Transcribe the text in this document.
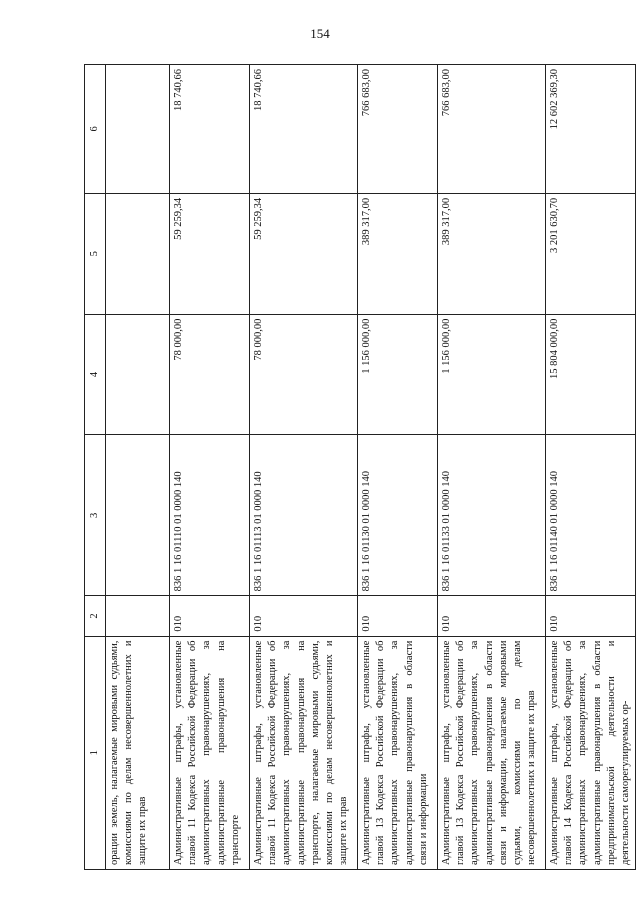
154
1	2	3	4	5	6
орации земель, налагаемые мировыми судьями, комиссиями по делам несовершеннолетних и защите их прав					
Административные штрафы, установленные главой 11 Кодекса Российской Федерации об административных правонарушениях, за административные правонарушения на транспорте	010	836 1 16 01110 01 0000 140	78 000,00	59 259,34	18 740,66
Административные штрафы, установленные главой 11 Кодекса Российской Федерации об административных правонарушениях, за административные правонарушения на транспорте, налагаемые мировыми судьями, комиссиями по делам несовершеннолетних и защите их прав	010	836 1 16 01113 01 0000 140	78 000,00	59 259,34	18 740,66
Административные штрафы, установленные главой 13 Кодекса Российской Федерации об административных правонарушениях, за административные правонарушения в области связи и информации	010	836 1 16 01130 01 0000 140	1 156 000,00	389 317,00	766 683,00
Административные штрафы, установленные главой 13 Кодекса Российской Федерации об административных правонарушениях, за административные правонарушения в области связи и информации, налагаемые мировыми судьями, комиссиями по делам несовершеннолетних и защите их прав	010	836 1 16 01133 01 0000 140	1 156 000,00	389 317,00	766 683,00
Административные штрафы, установленные главой 14 Кодекса Российской Федерации об административных правонарушениях, за административные правонарушения в области предпринимательской деятельности и деятельности саморегулируемых ор-	010	836 1 16 01140 01 0000 140	15 804 000,00	3 201 630,70	12 602 369,30
